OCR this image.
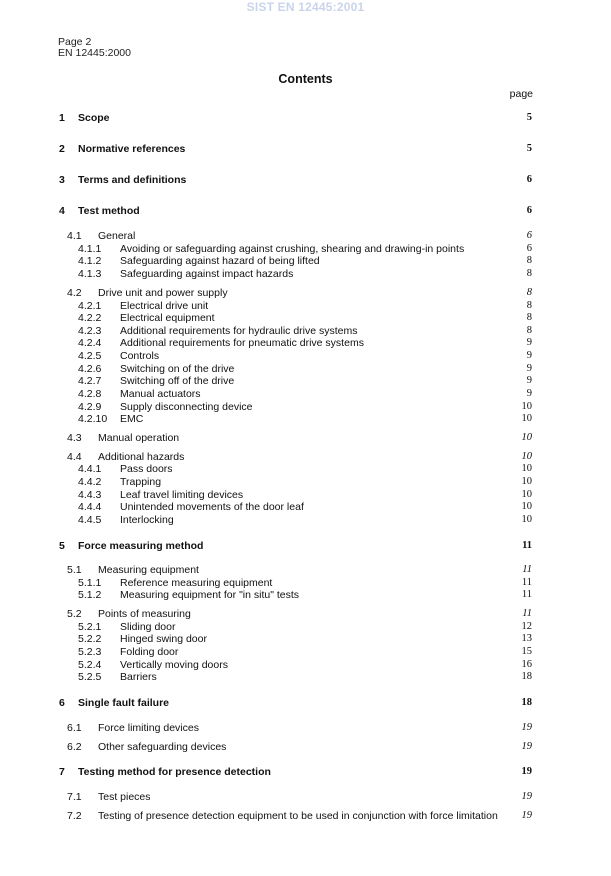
SIST EN 12445:2001
Page 2
EN 12445:2000
Contents
page
1 Scope	5
2 Normative references	5
3 Terms and definitions	6
4 Test method	6
4.1 General	6
4.1.1 Avoiding or safeguarding against crushing, shearing and drawing-in points	6
4.1.2 Safeguarding against hazard of being lifted	8
4.1.3 Safeguarding against impact hazards	8
4.2 Drive unit and power supply	8
4.2.1 Electrical drive unit	8
4.2.2 Electrical equipment	8
4.2.3 Additional requirements for hydraulic drive systems	8
4.2.4 Additional requirements for pneumatic drive systems	9
4.2.5 Controls	9
4.2.6 Switching on of the drive	9
4.2.7 Switching off of the drive	9
4.2.8 Manual actuators	9
4.2.9 Supply disconnecting device	10
4.2.10 EMC	10
4.3 Manual operation	10
4.4 Additional hazards	10
4.4.1 Pass doors	10
4.4.2 Trapping	10
4.4.3 Leaf travel limiting devices	10
4.4.4 Unintended movements of the door leaf	10
4.4.5 Interlocking	10
5 Force measuring method	11
5.1 Measuring equipment	11
5.1.1 Reference measuring equipment	11
5.1.2 Measuring equipment for "in situ" tests	11
5.2 Points of measuring	11
5.2.1 Sliding door	12
5.2.2 Hinged swing door	13
5.2.3 Folding door	15
5.2.4 Vertically moving doors	16
5.2.5 Barriers	18
6 Single fault failure	18
6.1 Force limiting devices	19
6.2 Other safeguarding devices	19
7 Testing method for presence detection	19
7.1 Test pieces	19
7.2 Testing of presence detection equipment to be used in conjunction with force limitation 19
